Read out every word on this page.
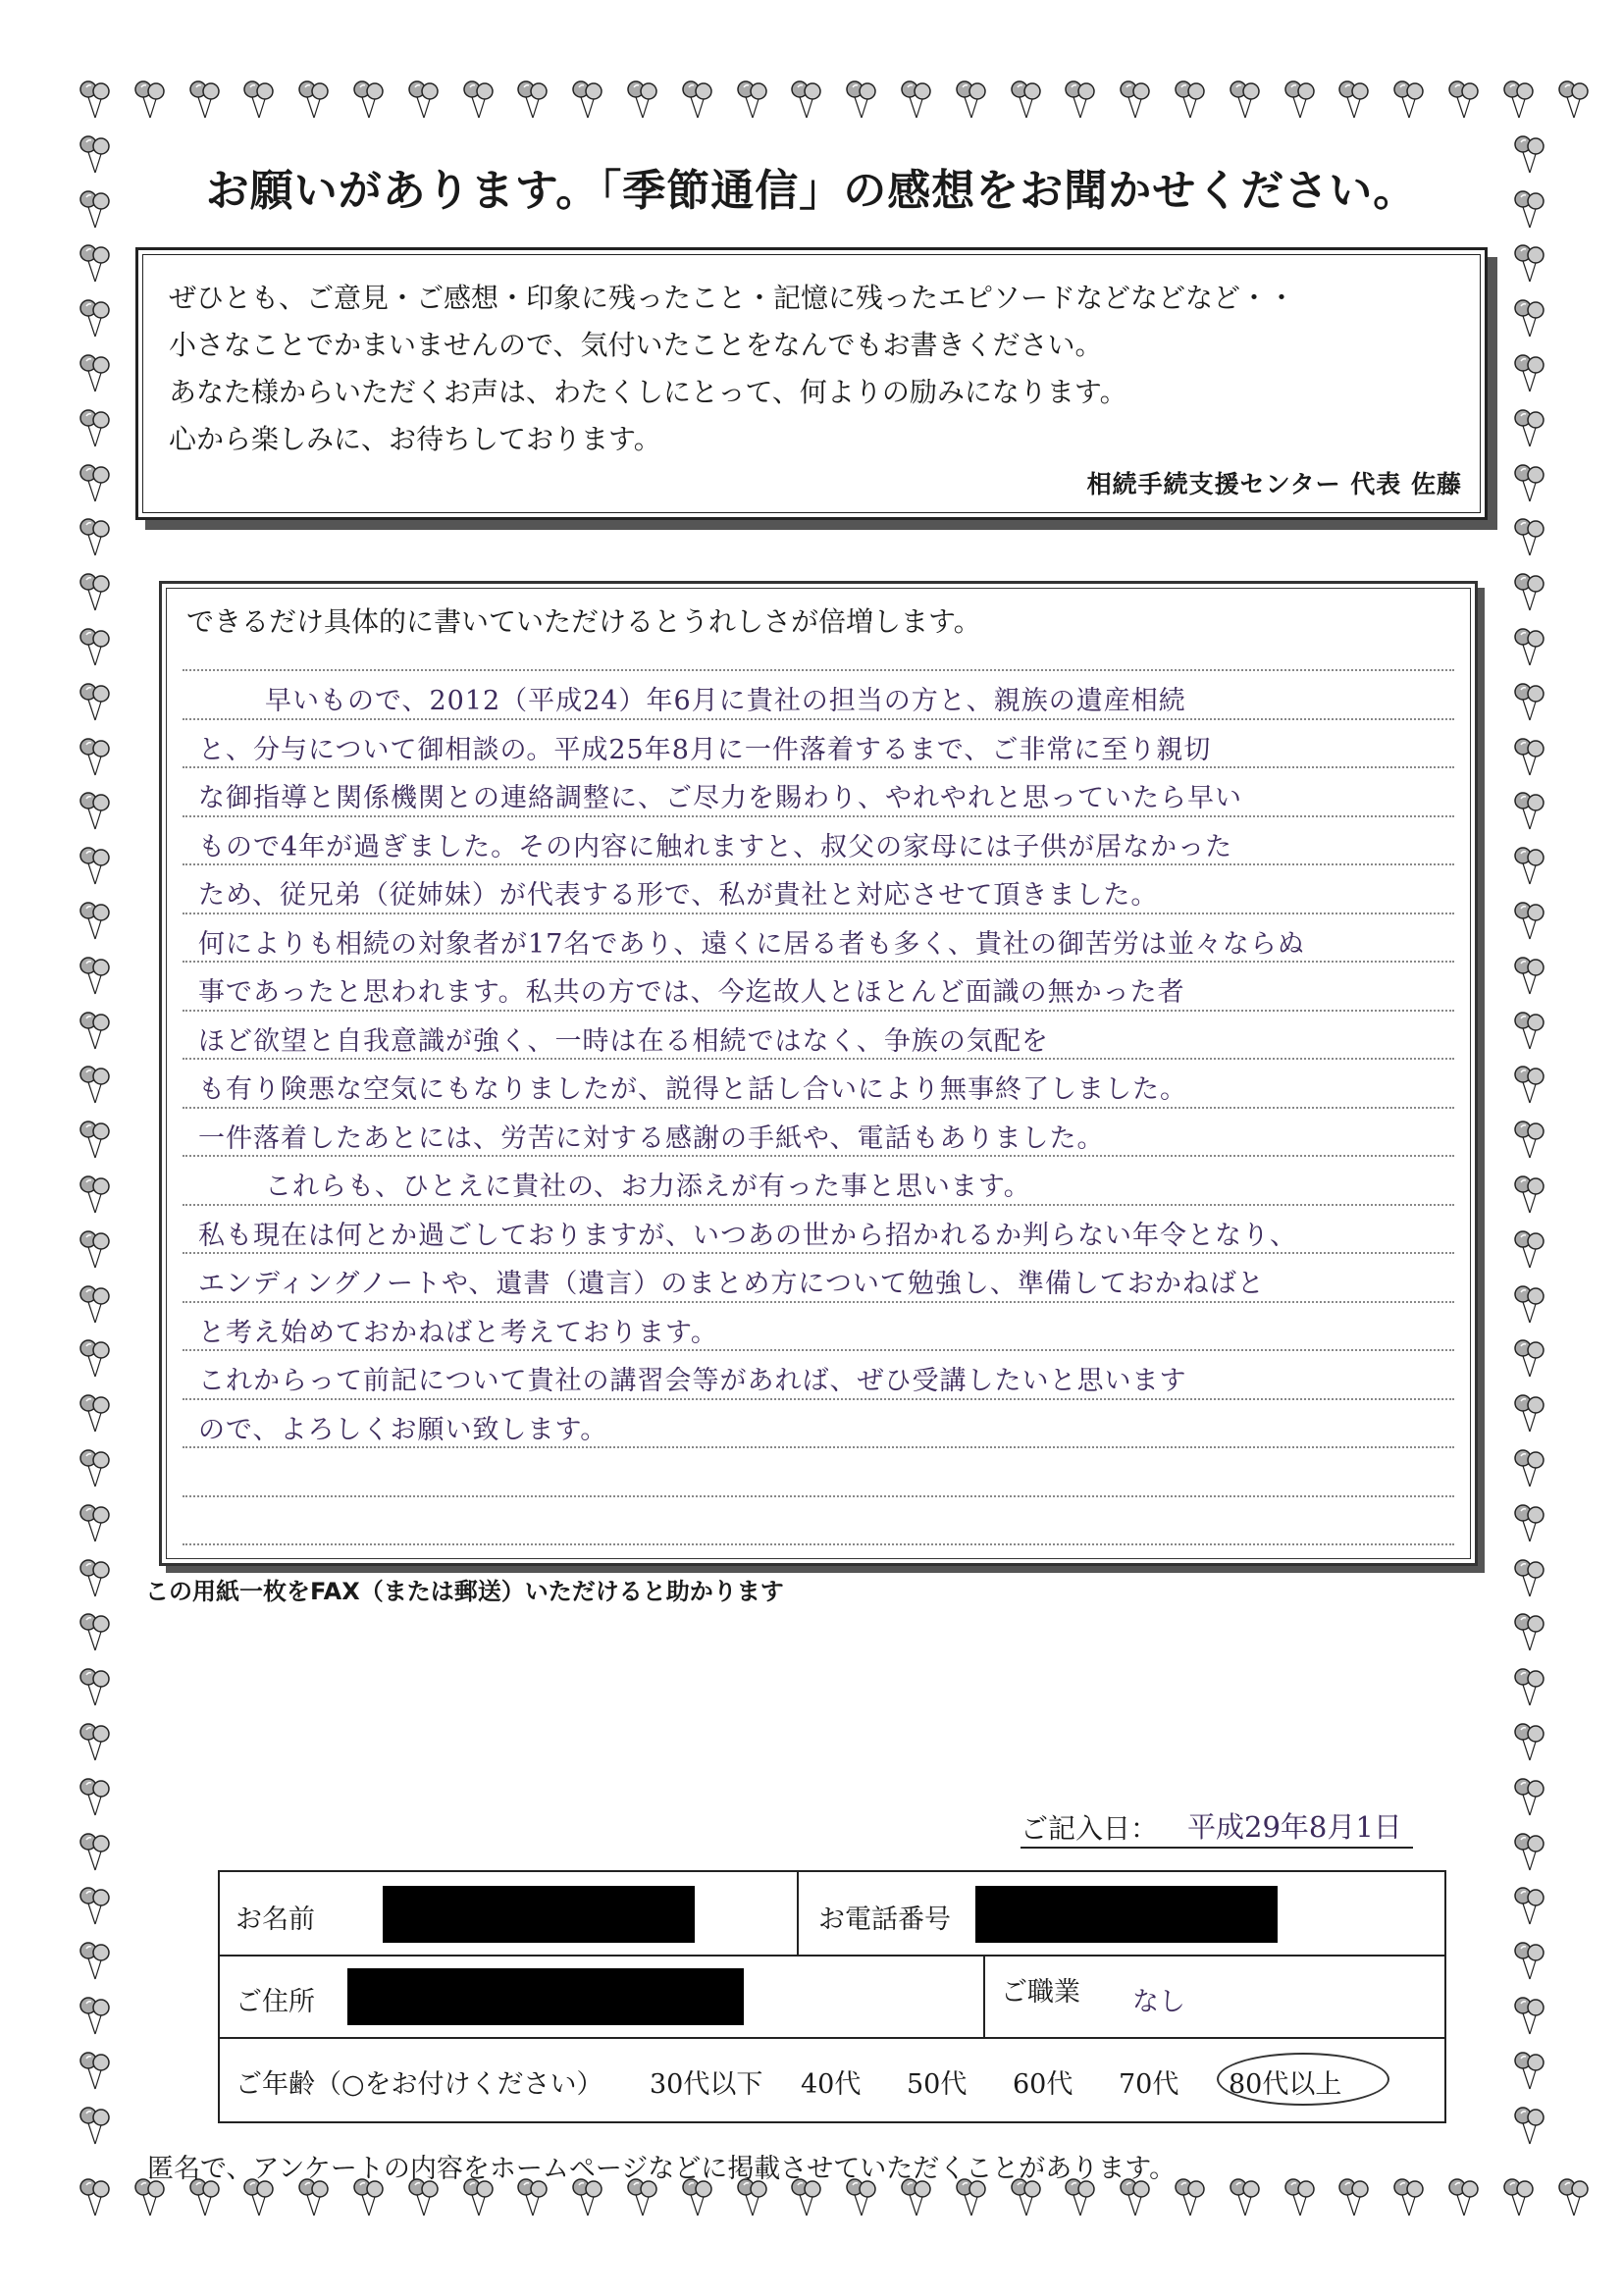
お願いがあります。「季節通信」の感想をお聞かせください。
ぜひとも、ご意見・ご感想・印象に残ったこと・記憶に残ったエピソードなどなどなど・・
小さなことでかまいませんので、気付いたことをなんでもお書きください。
あなた様からいただくお声は、わたくしにとって、何よりの励みになります。
心から楽しみに、お待ちしております。
相続手続支援センター 代表 佐藤
できるだけ具体的に書いていただけるとうれしさが倍増します。
早いもので、2012（平成24）年6月に貴社の担当の方と、親族の遺産相続
と、分与について御相談の。平成25年8月に一件落着するまで、ご非常に至り親切
な御指導と関係機関との連絡調整に、ご尽力を賜わり、やれやれと思っていたら早い
もので4年が過ぎました。その内容に触れますと、叔父の家母には子供が居なかった
ため、従兄弟（従姉妹）が代表する形で、私が貴社と対応させて頂きました。
何によりも相続の対象者が17名であり、遠くに居る者も多く、貴社の御苦労は並々ならぬ
事であったと思われます。私共の方では、今迄故人とほとんど面識の無かった者
ほど欲望と自我意識が強く、一時は在る相続ではなく、争族の気配を
も有り険悪な空気にもなりましたが、説得と話し合いにより無事終了しました。
一件落着したあとには、労苦に対する感謝の手紙や、電話もありました。
これらも、ひとえに貴社の、お力添えが有った事と思います。
私も現在は何とか過ごしておりますが、いつあの世から招かれるか判らない年令となり、
エンディングノートや、遺書（遺言）のまとめ方について勉強し、準備しておかねばと
と考え始めておかねばと考えております。
これからって前記について貴社の講習会等があれば、ぜひ受講したいと思います
ので、よろしくお願い致します。
この用紙一枚をFAX（または郵送）いただけると助かります
ご記入日： 平成29年8月1日
お名前	お電話番号
ご住所	ご職業 なし
ご年齢（○をお付けください） 30代以下 40代 50代 60代 70代 80代以上
匿名で、アンケートの内容をホームページなどに掲載させていただくことがあります。
